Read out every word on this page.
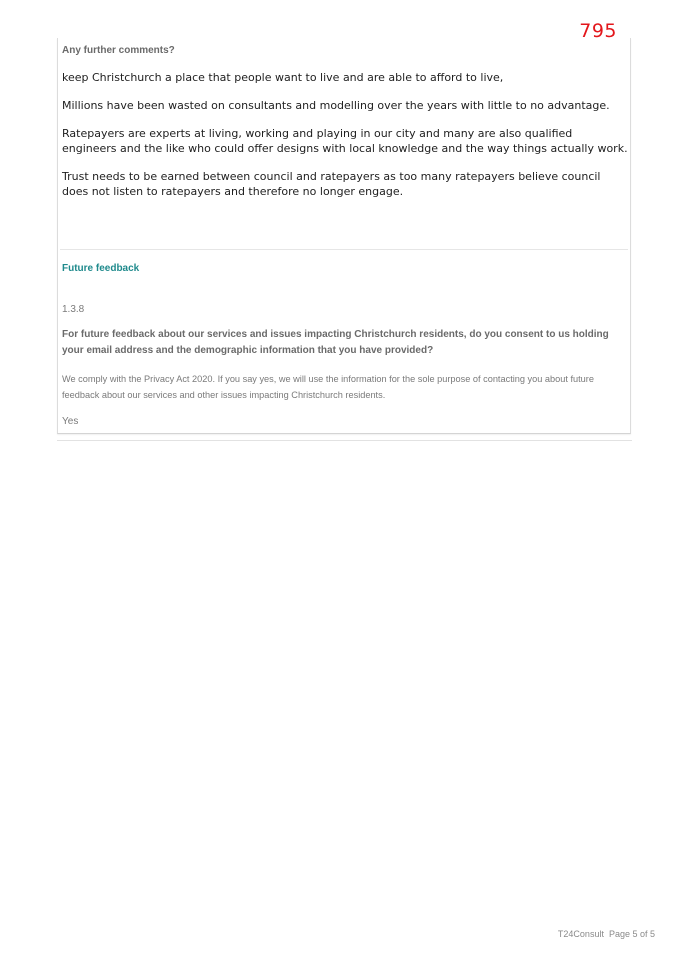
795
Any further comments?

keep Christchurch a place that people want to live and are able to afford to live,

Millions have been wasted on consultants and modelling over the years with little to no advantage.

Ratepayers are experts at living, working and playing in our city and many are also qualified engineers and the like who could offer designs with local knowledge and the way things actually work.

Trust needs to be earned between council and ratepayers as too many ratepayers believe council does not listen to ratepayers and therefore no longer engage.

Future feedback
1.3.8
For future feedback about our services and issues impacting Christchurch residents, do you consent to us holding your email address and the demographic information that you have provided?
We comply with the Privacy Act 2020. If you say yes, we will use the information for the sole purpose of contacting you about future feedback about our services and other issues impacting Christchurch residents.
Yes
T24Consult Page 5 of 5
